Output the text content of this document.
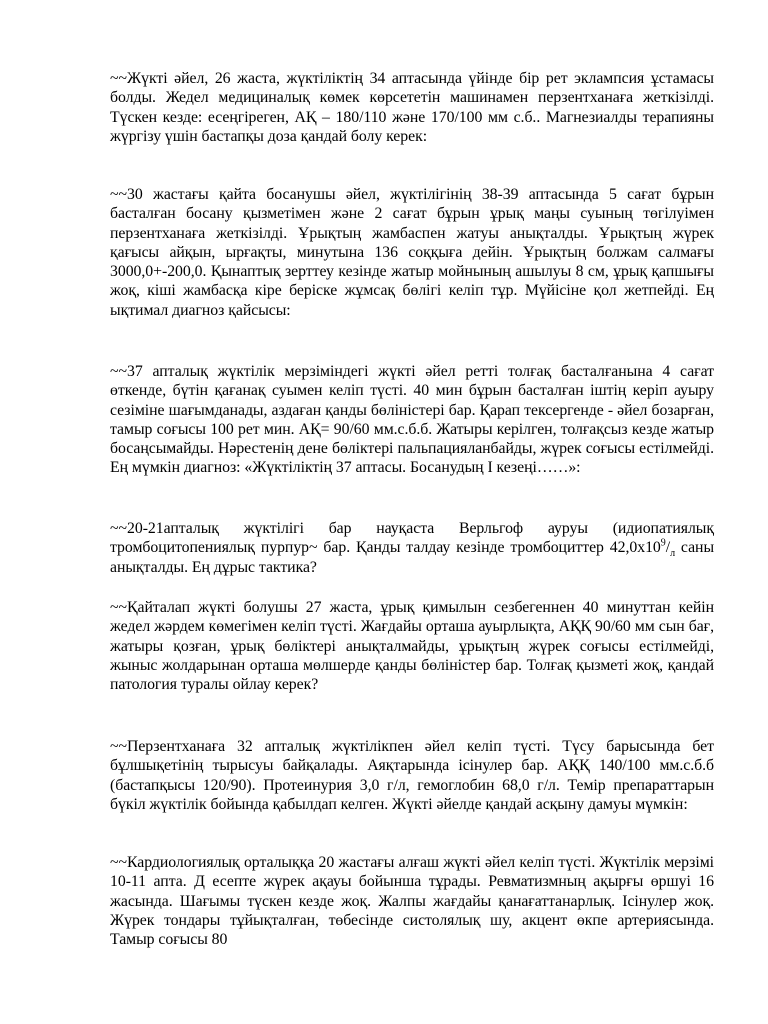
~~Жүкті әйел, 26 жаста, жүктіліктің 34 аптасында үйінде бір рет эклампсия ұстамасы болды. Жедел медициналық көмек көрсететін машинамен перзентханаға жеткізілді. Түскен кезде: есеңгіреген, АҚ – 180/110 және 170/100 мм с.б.. Магнезиалды терапияны жүргізу үшін бастапқы доза қандай болу керек:

~~30 жастағы қайта босанушы әйел, жүктілігінің 38-39 аптасында 5 сағат бұрын басталған босану қызметімен және 2 сағат бұрын ұрық маңы суының төгілуімен перзентханаға жеткізілді. Ұрықтың жамбаспен жатуы анықталды. Ұрықтың жүрек қағысы айқын, ырғақты, минутына 136 соққыға дейін. Ұрықтың болжам салмағы 3000,0+-200,0. Қынаптық зерттеу кезінде жатыр мойнының ашылуы 8 см, ұрық қапшығы жоқ, кіші жамбасқа кіре беріске жұмсақ бөлігі келіп тұр. Мүйісіне қол жетпейді. Ең ықтимал диагноз қайсысы:

~~37 апталық жүктілік мерзіміндегі жүкті әйел ретті толғақ басталғанына 4 сағат өткенде, бүтін қағанақ суымен келіп түсті. 40 мин бұрын басталған іштің керіп ауыру сезіміне шағымданады, аздаған қанды бөлiнiстерi бар. Қарап тексергенде - әйел бозарған, тамыр соғысы 100 рет мин. АҚ= 90/60 мм.с.б.б. Жатыры керілген, толғақсыз кезде жатыр босаңсымайды. Нәрестенің дене бөлiктерi пальпацияланбайды, жүрек соғысы естiлмейдi. Ең мүмкiн диагноз: «Жүктiлiктiң 37 аптасы. Босанудың I кезеңi……»:

~~20-21апталық жүктілігі бар науқаста Верльгоф ауруы (идиопатиялық тромбоцитопениялық пурпур~ бар. Қанды талдау кезінде тромбоциттер $42,0х10^9/_л$ саны анықталды. Ең дұрыс тактика?

~~Қайталап жүкті болушы 27 жаста, ұрық қимылын сезбегеннен 40 минуттан кейін жедел жәрдем көмегімен келіп түсті. Жағдайы орташа ауырлықта, АҚҚ 90/60 мм сын бағ, жатыры қозған, ұрық бөліктері анықталмайды, ұрықтың жүрек соғысы естілмейді, жыныс жолдарынан орташа мөлшерде қанды бөліністер бар. Толғақ қызметі жоқ, қандай патология туралы ойлау керек?

~~Перзентханаға 32 апталық жүктілікпен әйел келіп түсті. Түсу барысында бет бұлшықетінің тырысуы байқалады. Аяқтарында ісінулер бар. АҚҚ 140/100 мм.с.б.б (бастапқысы 120/90). Протеинурия 3,0 г/л, гемоглобин 68,0 г/л. Темір препараттарын бүкіл жүктілік бойында қабылдап келген. Жүкті әйелде қандай асқыну дамуы мүмкін:

~~Кардиологиялық орталыққа 20 жастағы алғаш жүкті әйел келіп түсті. Жүктілік мерзімі 10-11 апта. Д есепте жүрек ақауы бойынша тұрады. Ревматизмның ақырғы өршуі 16 жасында. Шағымы түскен кезде жоқ. Жалпы жағдайы қанағаттанарлық. Ісінулер жоқ. Жүрек тондары тұйықталған, төбесінде систолялық шу, акцент өкпе артериясында. Тамыр соғысы 80
